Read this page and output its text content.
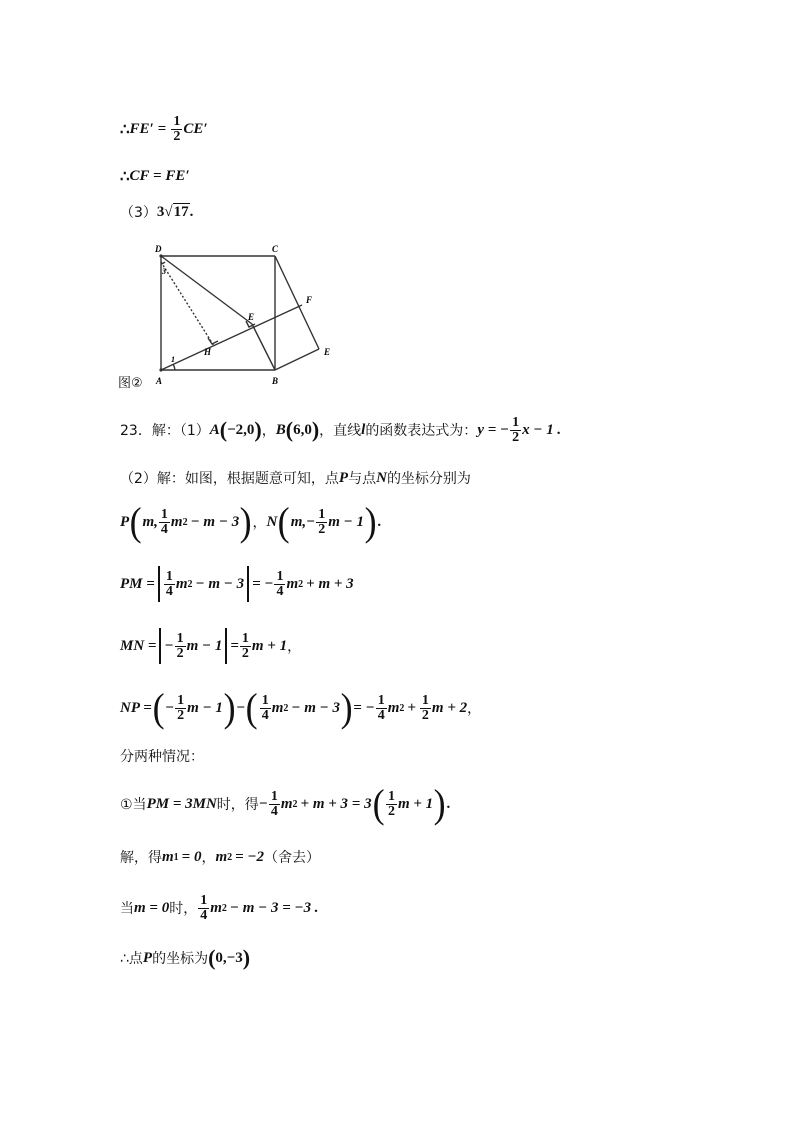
∴ $FE' = \frac{1}{2} CE'$
∴ CF = FE′
（3） 3 √ 17 .
D	C
F
E
B
A
H
E
1
3
图②
23．解：（1） A ( −2,0 ) ， B ( 6,0 ) ，直线 l 的函数表达式为： y = − $\frac{1}{2}$ x − 1 .
（2）解：如图，根据题意可知，点 P 与点 N 的坐标分别为
P ( m, $\frac{1}{4}$ m 2 − m − 3 ) ， N ( $m,- \frac{1}{2}$ m − 1 ) .
PM = $\frac{1}{4}$ m 2 − m − 3 = − $\frac{1}{4}$ m 2 + m + 3
MN = − $\frac{1}{2}$ $m - 1 = \frac{1}{2}$ m + 1 ，
NP = ( − $\frac{1}{2}$ m − 1 ) − ( $\frac{1}{4}$ m 2 − m − 3 ) = − $\frac{1}{4}$ m $2 + \frac{1}{2}$ m + 2 ，
分两种情况：
①当 PM = 3MN 时，得 − $\frac{1}{4}$ m 2 + m + 3 = 3 ( $\frac{1}{2}$ m + 1 ) .
解，得 m 1 = 0 ， m 2 = −2 （舍去）
当 m = 0 时， $\frac{1}{4}$ m 2 − m − 3 = −3 .
∴点 P 的坐标为 ( 0,−3 )
